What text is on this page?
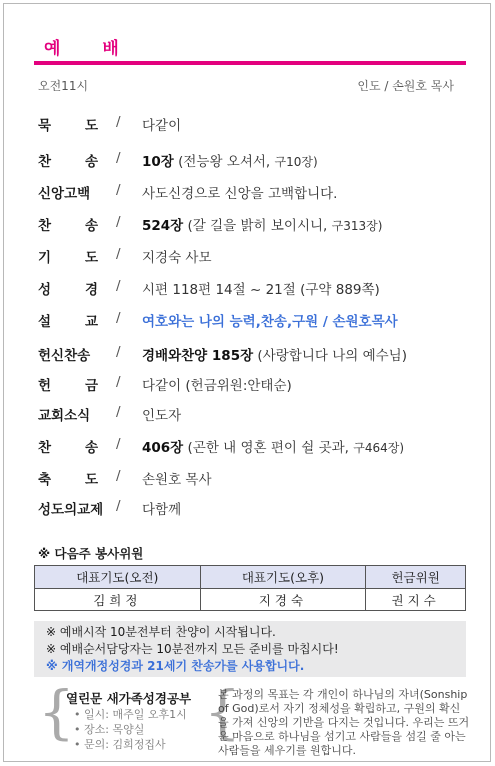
예 배
오전11시	인도 / 손원호 목사
묵	도 / 다같이
찬	송 / 10장 (전능왕 오셔서, 구10장)
신앙고백	/ 사도신경으로 신앙을 고백합니다.
찬	송 / 524장 (갈 길을 밝히 보이시니, 구313장)
기	도 / 지경숙 사모
성	경 / 시편 118편 14절 ~ 21절 (구약 889쪽)
설	교 / 여호와는 나의 능력,찬송,구원 / 손원호목사
헌신찬송	/ 경배와찬양 185장 (사랑합니다 나의 예수님)
헌	금 / 다같이 (헌금위원:안태순)
교회소식	/ 인도자
찬	송 / 406장 (곤한 내 영혼 편이 쉴 곳과, 구464장)
축	도 / 손원호 목사
성도의교제 / 다함께
※ 다음주 봉사위원
대표기도(오전)	대표기도(오후)	헌금위원
김희정	지경숙	권지수
※ 예배시작 10분전부터 찬양이 시작됩니다.
※ 예배순서담당자는 10분전까지 모든 준비를 마칩시다!
※ 개역개정성경과 21세기 찬송가를 사용합니다.
{
열린문 새가족성경공부
• 일시: 매주일 오후1시
• 장소: 목양실
• 문의: 김희정집사 {
본 과정의 목표는 각 개인이 하나님의 자녀(Sonship of God)로서 자기 정체성을 확립하고, 구원의 확신을 가져 신앙의 기반을 다지는 것입니다. 우리는 뜨거운 마음으로 하나님을 섬기고 사람들을 섬길 줄 아는 사람들을 세우기를 원합니다.
